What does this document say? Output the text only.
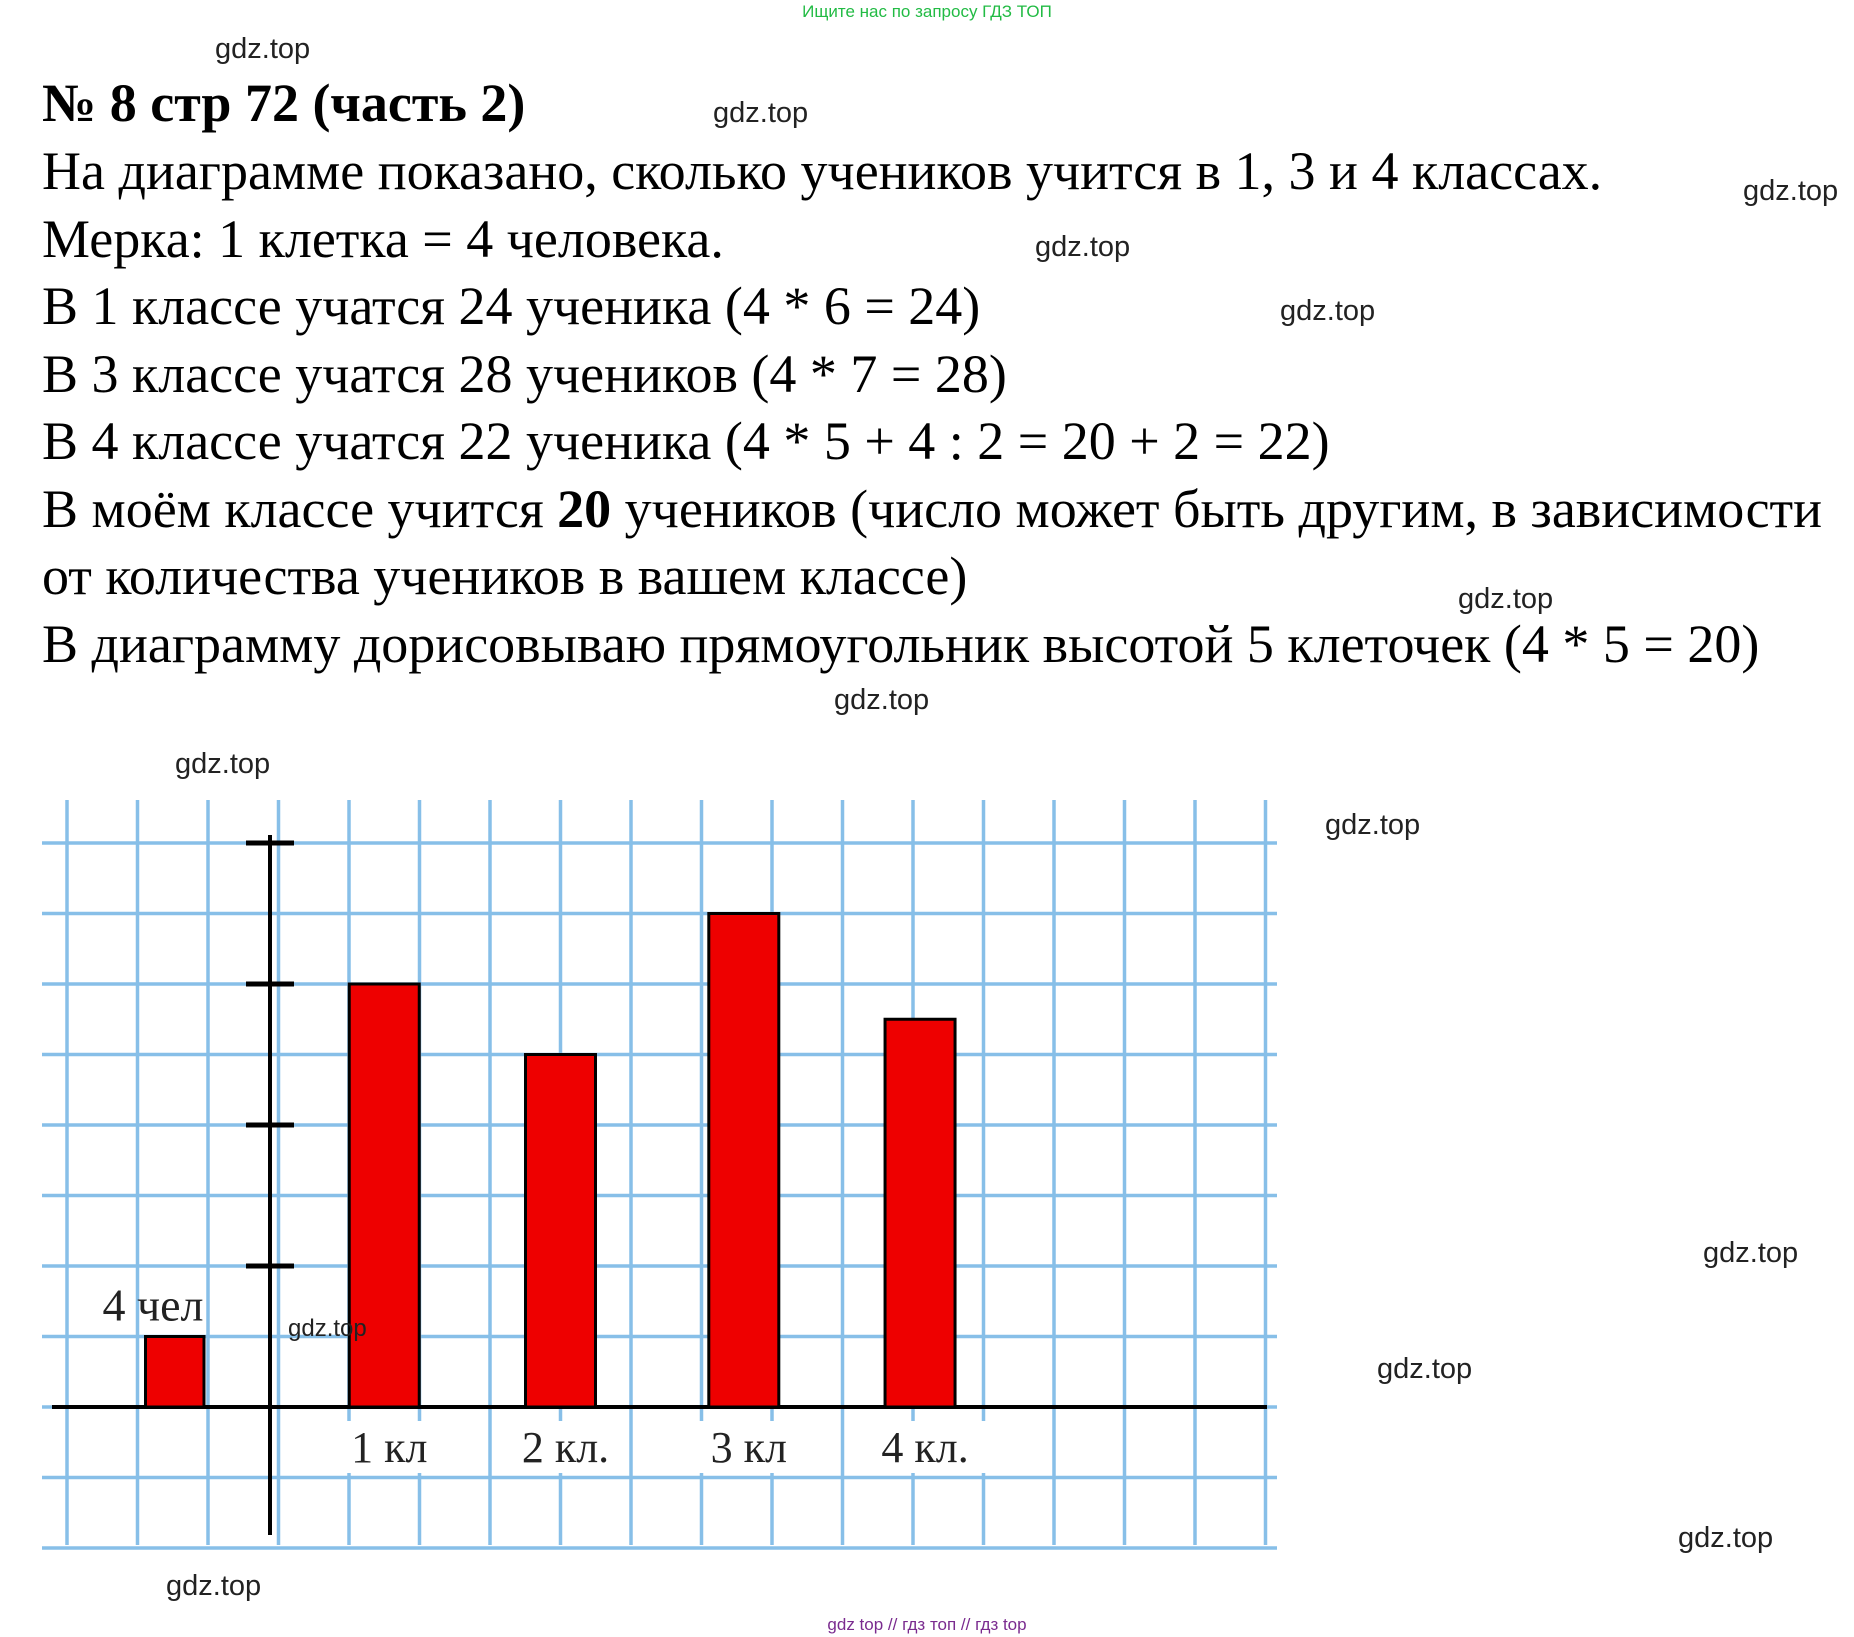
Ищите нас по запросу ГДЗ ТОП
№ 8 стр 72 (часть 2)

На диаграмме показано, сколько учеников учится в 1, 3 и 4 классах.

Мерка: 1 клетка = 4 человека.

В 1 классе учатся 24 ученика (4 * 6 = 24)

В 3 классе учатся 28 учеников (4 * 7 = 28)

В 4 классе учатся 22 ученика (4 * 5 + 4 : 2 = 20 + 2 = 22)

В моём классе учится 20 учеников (число может быть другим, в зависимости от количества учеников в вашем классе)

В диаграмму дорисовываю прямоугольник высотой 5 клеточек (4 * 5 = 20)

4 чел
1 кл 2 кл. 3 кл 4 кл.
gdz.top
gdz.top
gdz.top
gdz.top
gdz.top
gdz.top
gdz.top
gdz.top
gdz.top
gdz.top
gdz.top
gdz.top
gdz.top
gdz.top
gdz top // гдз топ // гдз top
